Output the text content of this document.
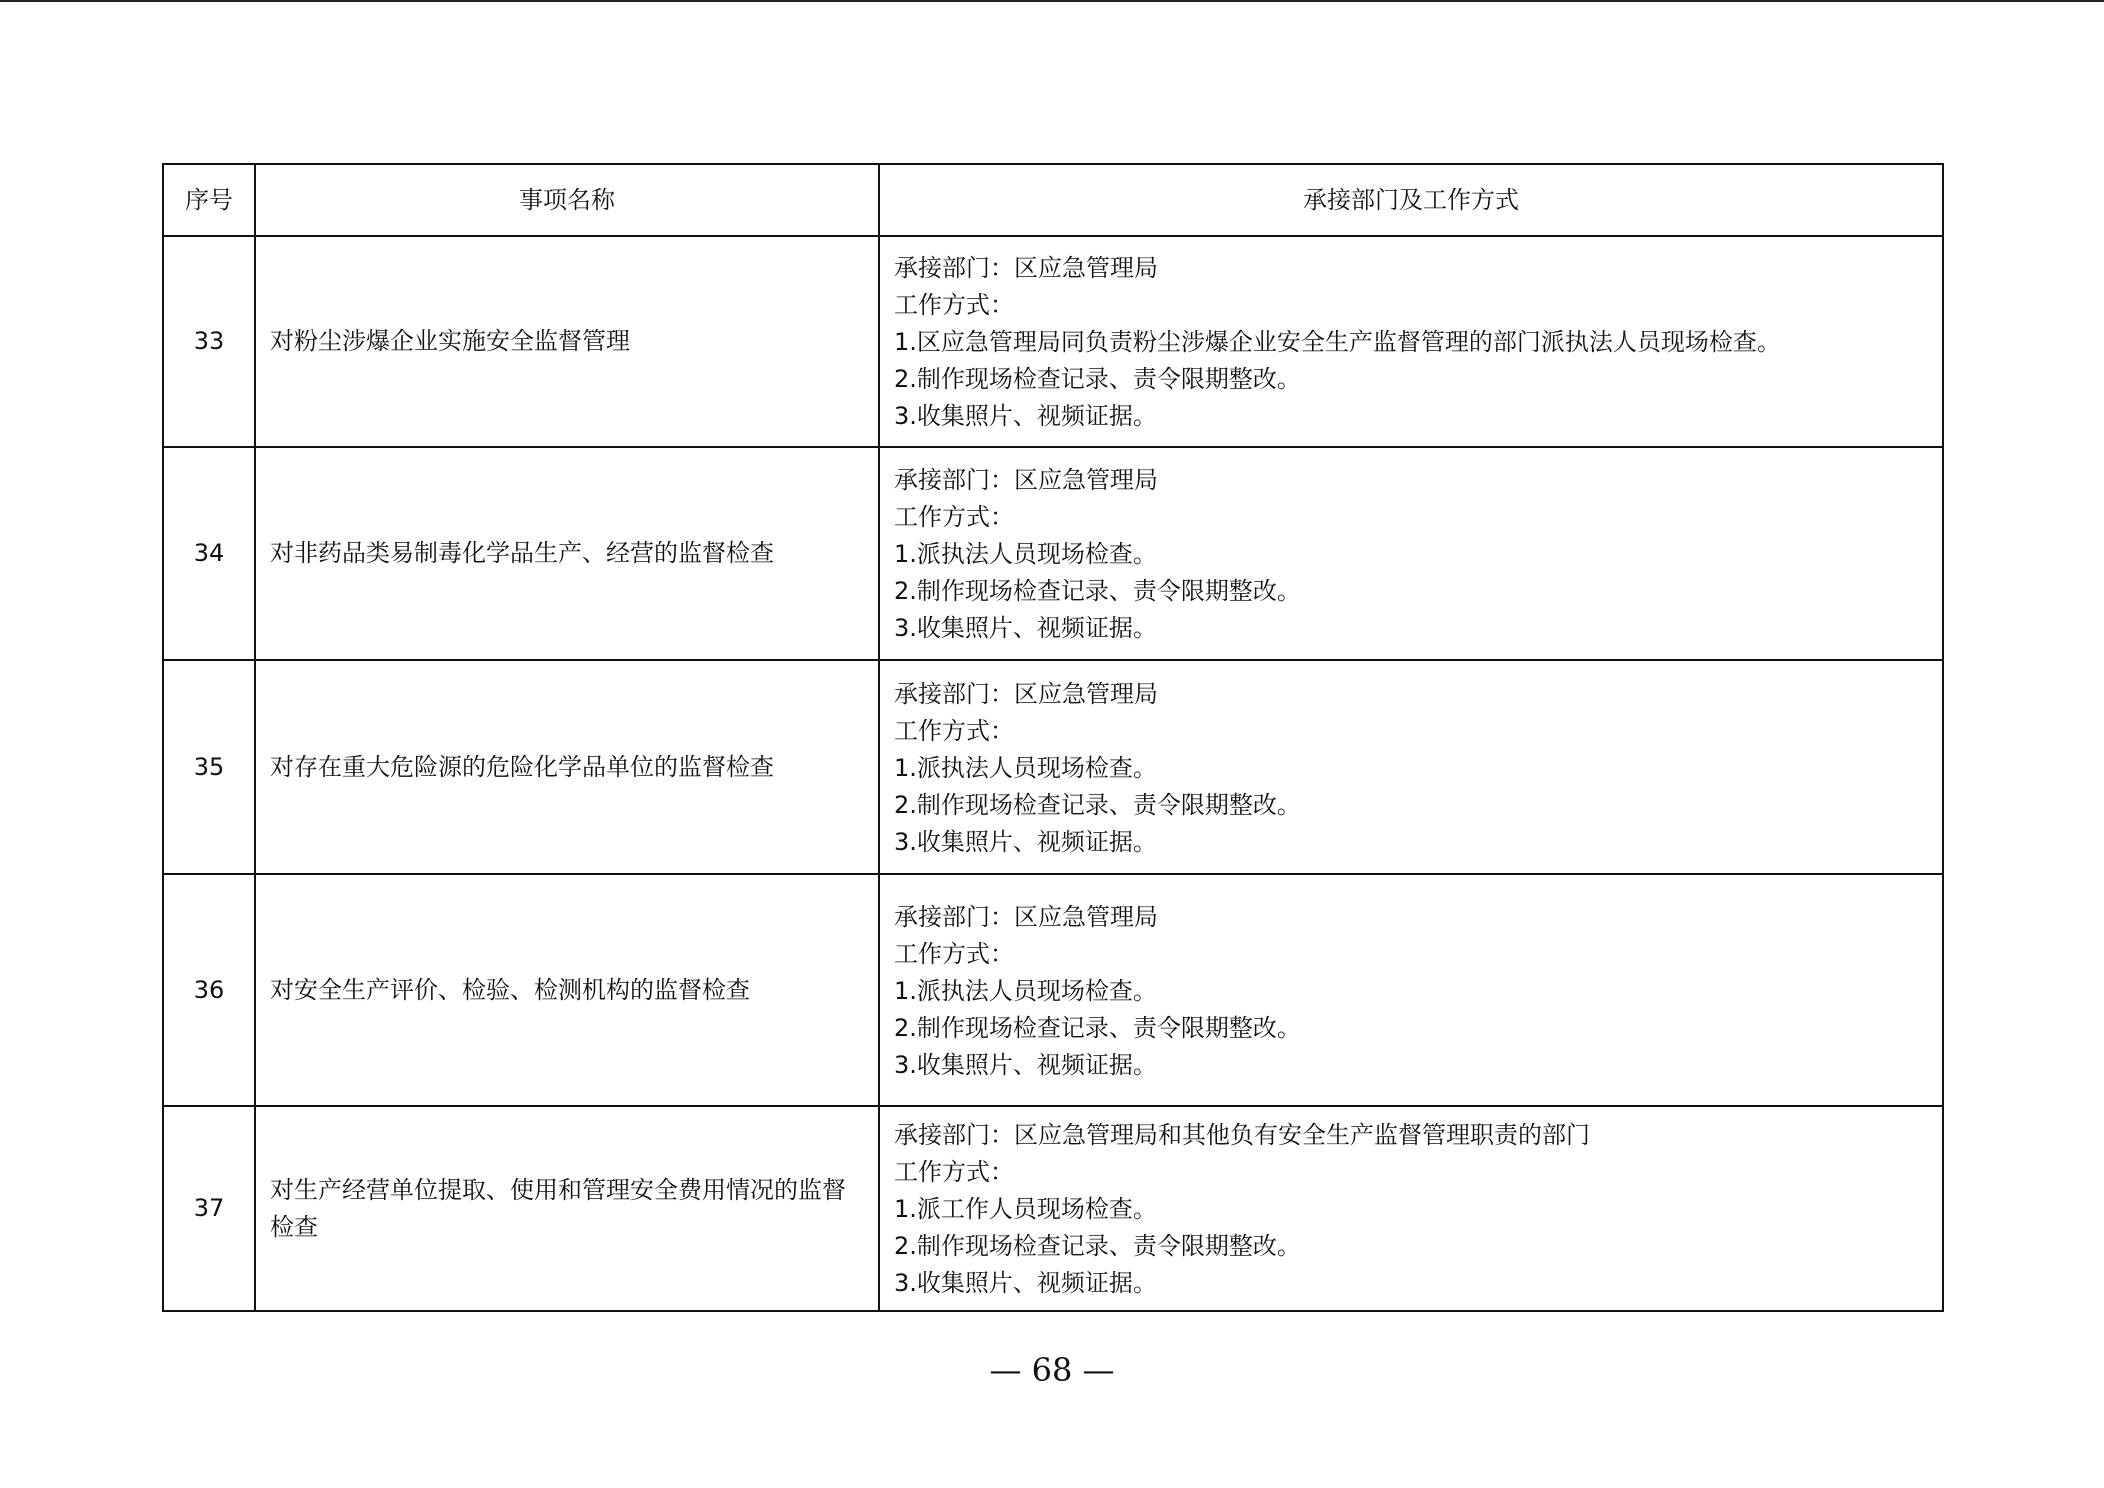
序号	事项名称	承接部门及工作方式
33	对粉尘涉爆企业实施安全监督管理	承接部门：区应急管理局
工作方式：
1.区应急管理局同负责粉尘涉爆企业安全生产监督管理的部门派执法人员现场检查。
2.制作现场检查记录、责令限期整改。
3.收集照片、视频证据。

34	对非药品类易制毒化学品生产、经营的监督检查	承接部门：区应急管理局
工作方式：
1.派执法人员现场检查。
2.制作现场检查记录、责令限期整改。
3.收集照片、视频证据。

35	对存在重大危险源的危险化学品单位的监督检查	承接部门：区应急管理局
工作方式：
1.派执法人员现场检查。
2.制作现场检查记录、责令限期整改。
3.收集照片、视频证据。

36	对安全生产评价、检验、检测机构的监督检查	承接部门：区应急管理局
工作方式：
1.派执法人员现场检查。
2.制作现场检查记录、责令限期整改。
3.收集照片、视频证据。

37	对生产经营单位提取、使用和管理安全费用情况的监督检查	承接部门：区应急管理局和其他负有安全生产监督管理职责的部门
工作方式：
1.派工作人员现场检查。
2.制作现场检查记录、责令限期整改。
3.收集照片、视频证据。
— 68 —
